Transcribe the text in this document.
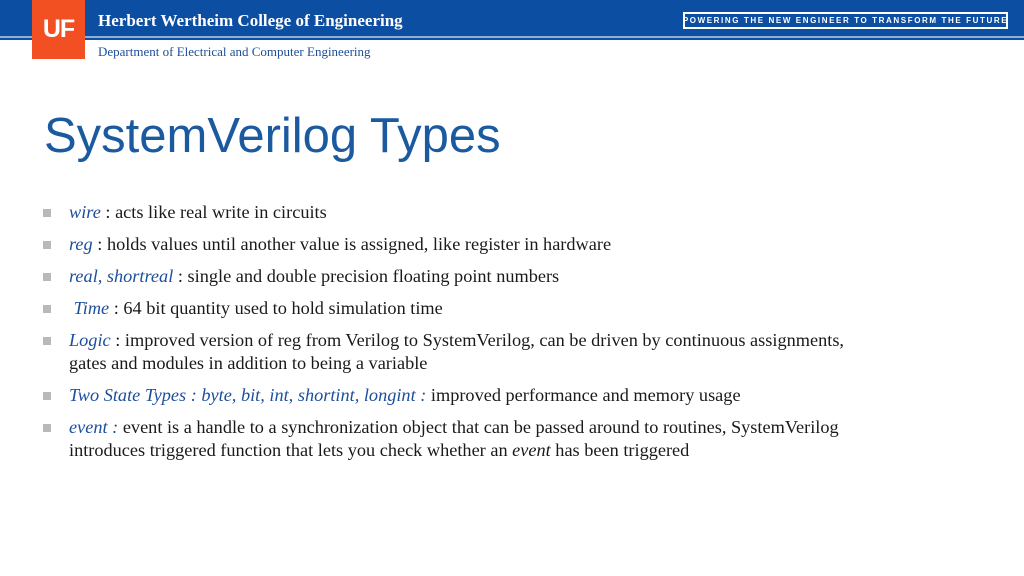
UF	Herbert Wertheim College of Engineering	POWERING THE NEW ENGINEER TO TRANSFORM THE FUTURE
Department of Electrical and Computer Engineering
SystemVerilog Types
wire : acts like real write in circuits
reg : holds values until another value is assigned, like register in hardware
real, shortreal : single and double precision floating point numbers
Time : 64 bit quantity used to hold simulation time
Logic : improved version of reg from Verilog to SystemVerilog, can be driven by continuous assignments, gates and modules in addition to being a variable
Two State Types : byte, bit, int, shortint, longint : improved performance and memory usage
event : event is a handle to a synchronization object that can be passed around to routines, SystemVerilog introduces triggered function that lets you check whether an event has been triggered
